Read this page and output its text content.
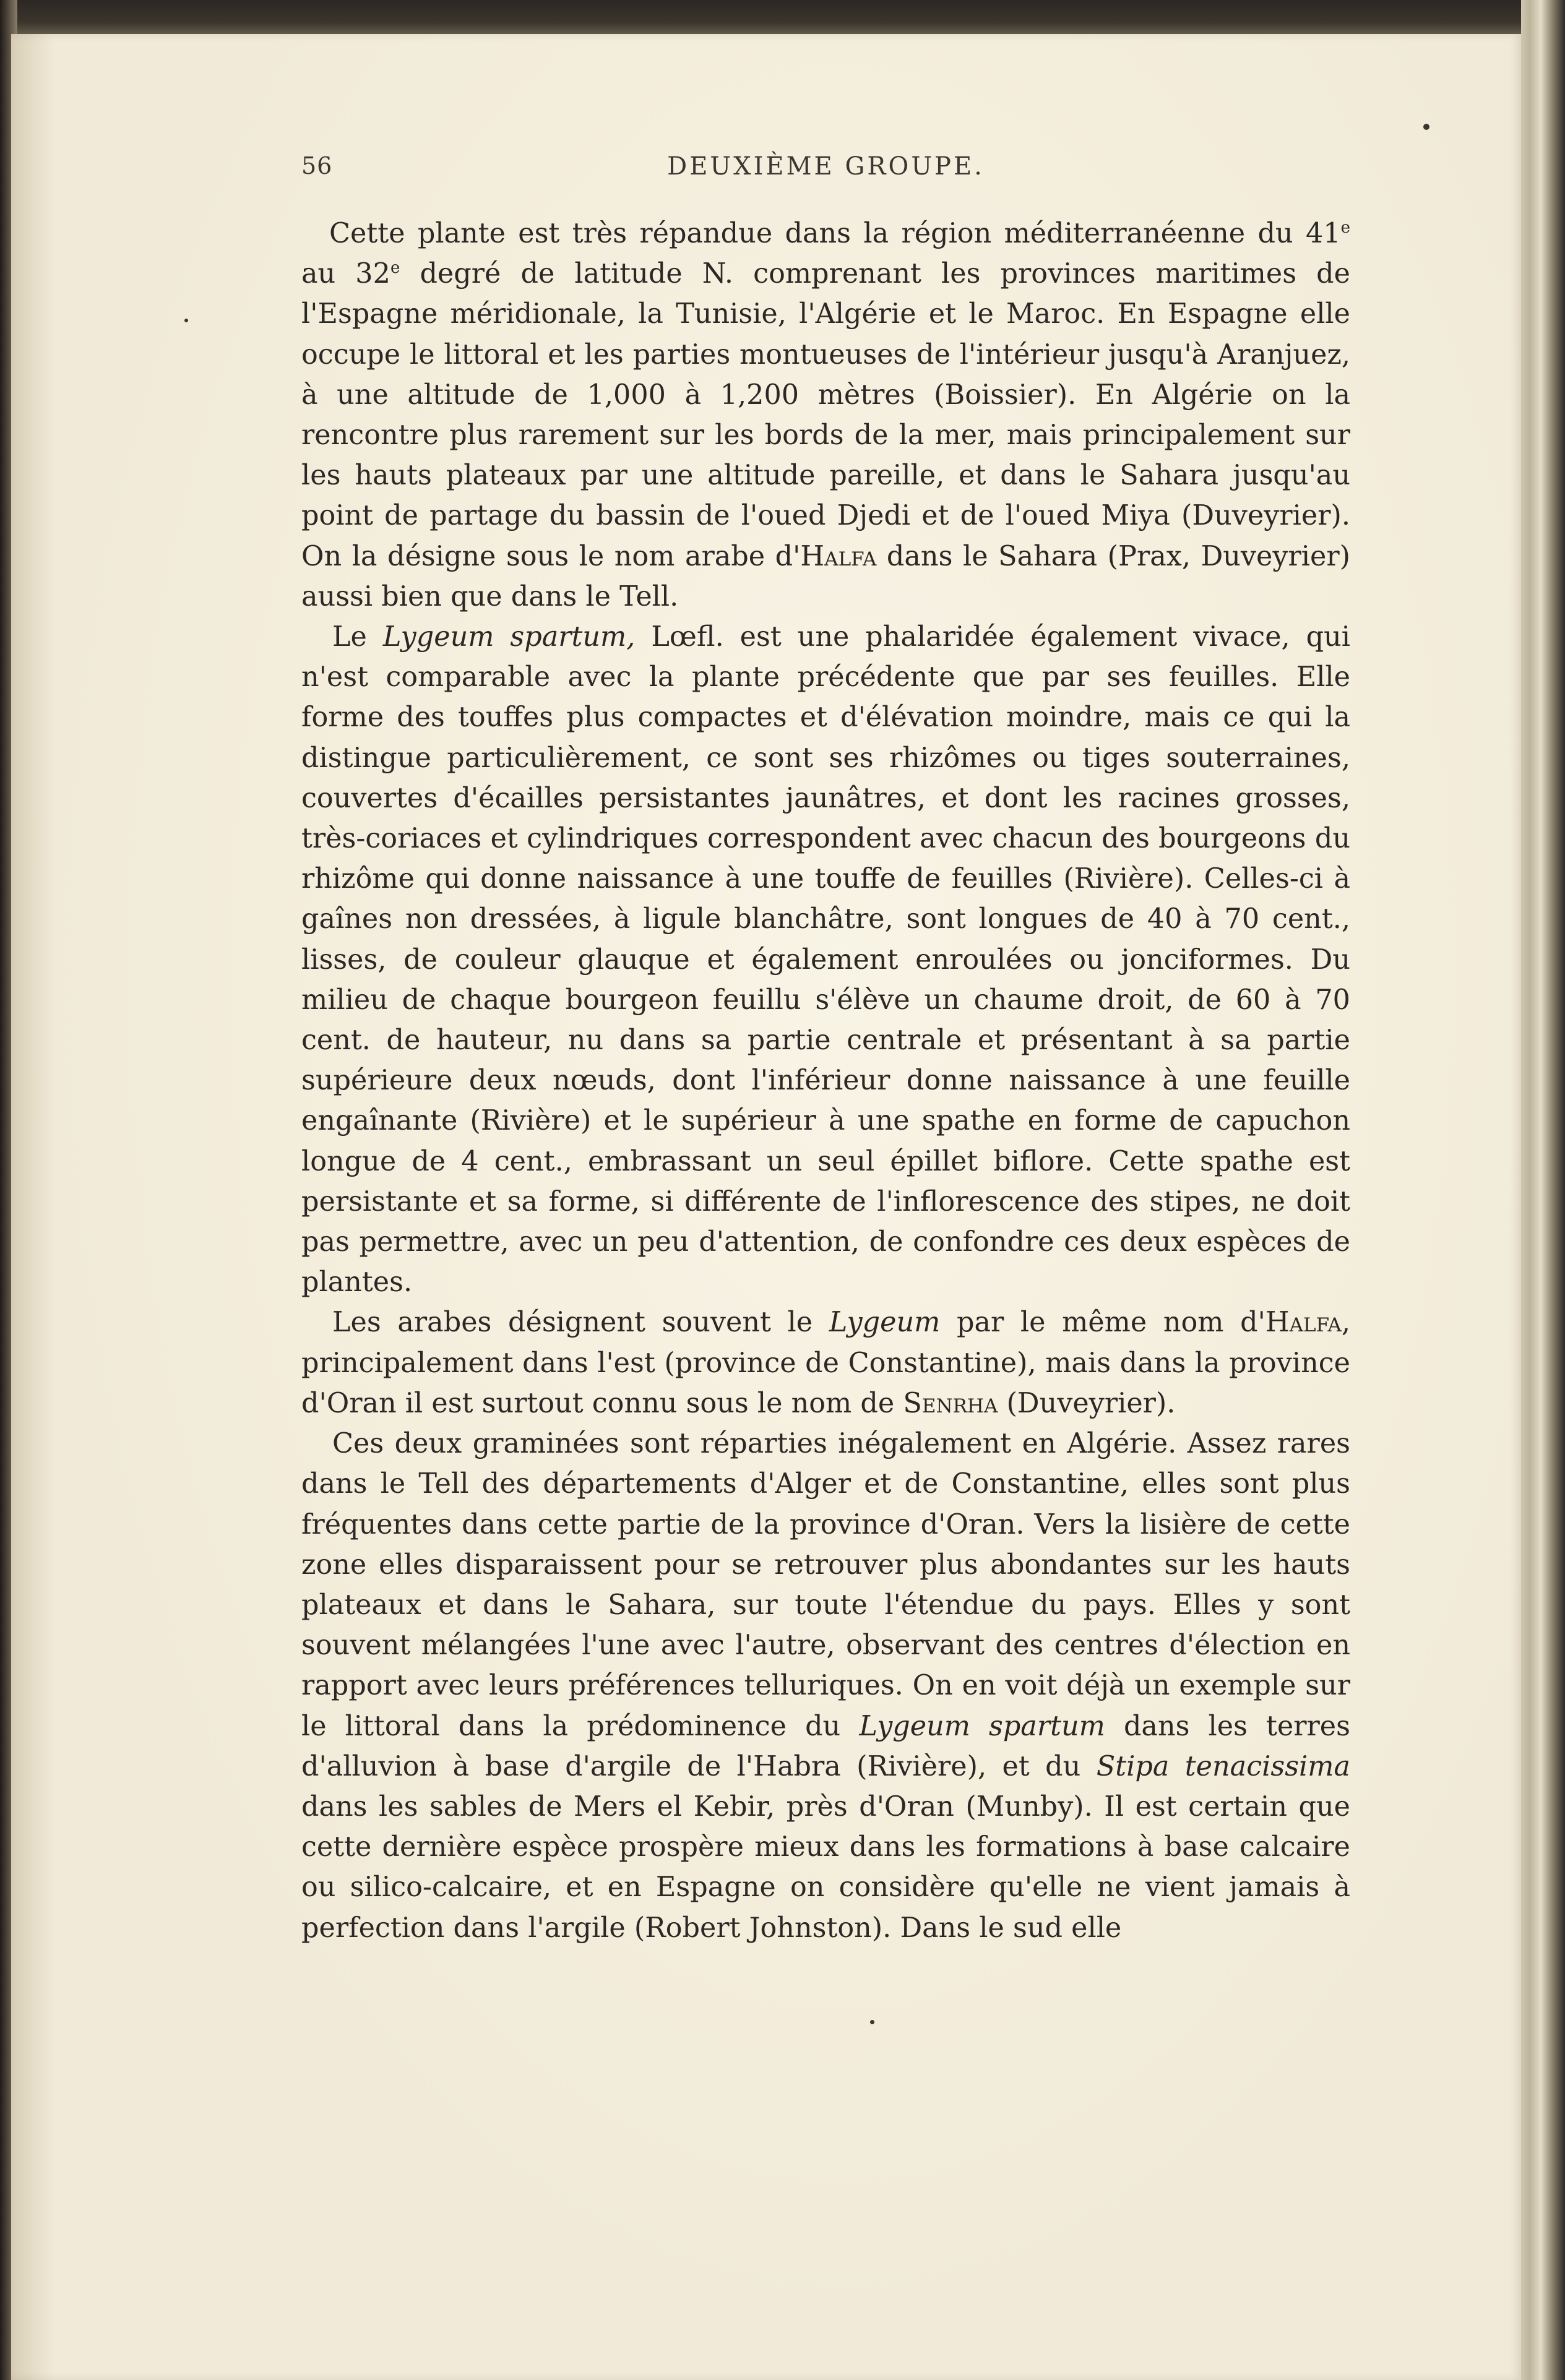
56	DEUXIÈME GROUPE.

Cette plante est très répandue dans la région méditerranéenne du 41e au 32e degré de latitude N. comprenant les provinces maritimes de l'Espagne méridionale, la Tunisie, l'Algérie et le Maroc. En Espagne elle occupe le littoral et les parties montueuses de l'intérieur jusqu'à Aranjuez, à une altitude de 1,000 à 1,200 mètres (Boissier). En Algérie on la rencontre plus rarement sur les bords de la mer, mais principalement sur les hauts plateaux par une altitude pareille, et dans le Sahara jusqu'au point de partage du bassin de l'oued Djedi et de l'oued Miya (Duveyrier). On la désigne sous le nom arabe d'Halfa dans le Sahara (Prax, Duveyrier) aussi bien que dans le Tell.

Le Lygeum spartum, Lœfl. est une phalaridée également vivace, qui n'est comparable avec la plante précédente que par ses feuilles. Elle forme des touffes plus compactes et d'élévation moindre, mais ce qui la distingue particulièrement, ce sont ses rhizômes ou tiges souterraines, couvertes d'écailles persistantes jaunâtres, et dont les racines grosses, très-coriaces et cylindriques correspondent avec chacun des bourgeons du rhizôme qui donne naissance à une touffe de feuilles (Rivière). Celles-ci à gaînes non dressées, à ligule blanchâtre, sont longues de 40 à 70 cent., lisses, de couleur glauque et également enroulées ou jonciformes. Du milieu de chaque bourgeon feuillu s'élève un chaume droit, de 60 à 70 cent. de hauteur, nu dans sa partie centrale et présentant à sa partie supérieure deux nœuds, dont l'inférieur donne naissance à une feuille engaînante (Rivière) et le supérieur à une spathe en forme de capuchon longue de 4 cent., embrassant un seul épillet biflore. Cette spathe est persistante et sa forme, si différente de l'inflorescence des stipes, ne doit pas permettre, avec un peu d'attention, de confondre ces deux espèces de plantes.

Les arabes désignent souvent le Lygeum par le même nom d'Halfa, principalement dans l'est (province de Constantine), mais dans la province d'Oran il est surtout connu sous le nom de Senrha (Duveyrier).

Ces deux graminées sont réparties inégalement en Algérie. Assez rares dans le Tell des départements d'Alger et de Constantine, elles sont plus fréquentes dans cette partie de la province d'Oran. Vers la lisière de cette zone elles disparaissent pour se retrouver plus abondantes sur les hauts plateaux et dans le Sahara, sur toute l'étendue du pays. Elles y sont souvent mélangées l'une avec l'autre, observant des centres d'élection en rapport avec leurs préférences telluriques. On en voit déjà un exemple sur le littoral dans la prédominence du Lygeum spartum dans les terres d'alluvion à base d'argile de l'Habra (Rivière), et du Stipa tenacissima dans les sables de Mers el Kebir, près d'Oran (Munby). Il est certain que cette dernière espèce prospère mieux dans les formations à base calcaire ou silico-calcaire, et en Espagne on considère qu'elle ne vient jamais à perfection dans l'argile (Robert Johnston). Dans le sud elle
